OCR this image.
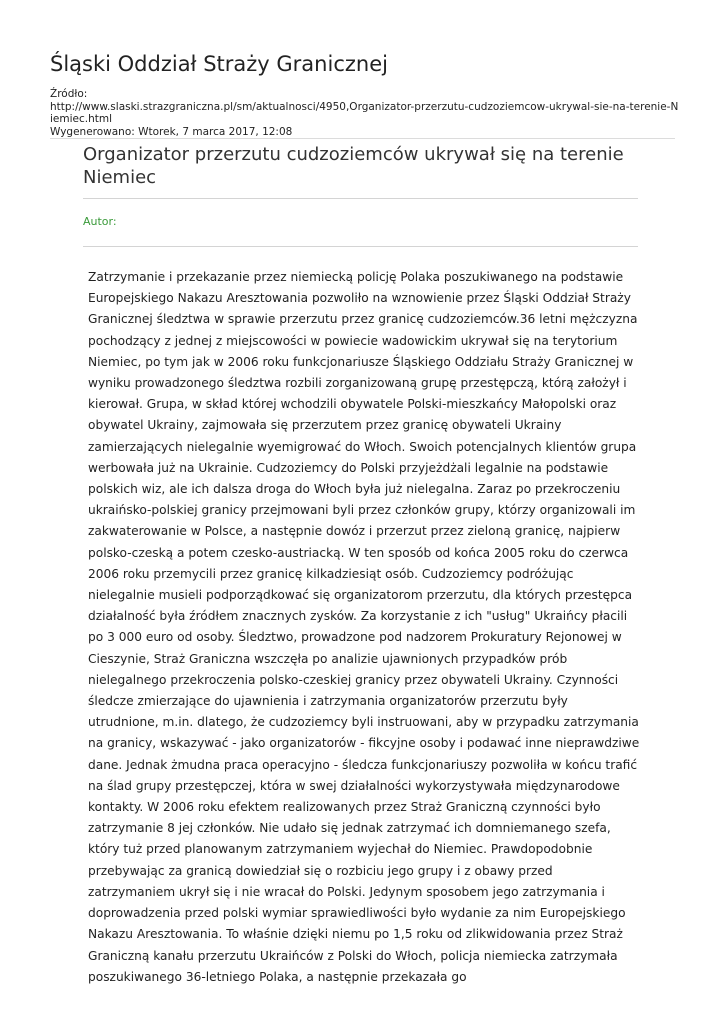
Śląski Oddział Straży Granicznej
Źródło:
http://www.slaski.strazgraniczna.pl/sm/aktualnosci/4950,Organizator-przerzutu-cudzoziemcow-ukrywal-sie-na-terenie-Niemiec.html
Wygenerowano: Wtorek, 7 marca 2017, 12:08
Organizator przerzutu cudzoziemców ukrywał się na terenie Niemiec
Autor:

Zatrzymanie i przekazanie przez niemiecką policję Polaka poszukiwanego na podstawie Europejskiego Nakazu Aresztowania pozwoliło na wznowienie przez Śląski Oddział Straży Granicznej śledztwa w sprawie przerzutu przez granicę cudzoziemców.36 letni mężczyzna pochodzący z jednej z miejscowości w powiecie wadowickim ukrywał się na terytorium Niemiec, po tym jak w 2006 roku funkcjonariusze Śląskiego Oddziału Straży Granicznej w wyniku prowadzonego śledztwa rozbili zorganizowaną grupę przestępczą, którą założył i kierował. Grupa, w skład której wchodzili obywatele Polski-mieszkańcy Małopolski oraz obywatel Ukrainy, zajmowała się przerzutem przez granicę obywateli Ukrainy zamierzających nielegalnie wyemigrować do Włoch. Swoich potencjalnych klientów grupa werbowała już na Ukrainie. Cudzoziemcy do Polski przyjeżdżali legalnie na podstawie polskich wiz, ale ich dalsza droga do Włoch była już nielegalna. Zaraz po przekroczeniu ukraińsko-polskiej granicy przejmowani byli przez członków grupy, którzy organizowali im zakwaterowanie w Polsce, a następnie dowóz i przerzut przez zieloną granicę, najpierw polsko-czeską a potem czesko-austriacką. W ten sposób od końca 2005 roku do czerwca 2006 roku przemycili przez granicę kilkadziesiąt osób. Cudzoziemcy podróżując nielegalnie musieli podporządkować się organizatorom przerzutu, dla których przestępca działalność była źródłem znacznych zysków. Za korzystanie z ich "usług" Ukraińcy płacili po 3 000 euro od osoby. Śledztwo, prowadzone pod nadzorem Prokuratury Rejonowej w Cieszynie, Straż Graniczna wszczęła po analizie ujawnionych przypadków prób nielegalnego przekroczenia polsko-czeskiej granicy przez obywateli Ukrainy. Czynności śledcze zmierzające do ujawnienia i zatrzymania organizatorów przerzutu były utrudnione, m.in. dlatego, że cudzoziemcy byli instruowani, aby w przypadku zatrzymania na granicy, wskazywać - jako organizatorów - fikcyjne osoby i podawać inne nieprawdziwe dane. Jednak żmudna praca operacyjno - śledcza funkcjonariuszy pozwoliła w końcu trafić na ślad grupy przestępczej, która w swej działalności wykorzystywała międzynarodowe kontakty. W 2006 roku efektem realizowanych przez Straż Graniczną czynności było zatrzymanie 8 jej członków. Nie udało się jednak zatrzymać ich domniemanego szefa, który tuż przed planowanym zatrzymaniem wyjechał do Niemiec. Prawdopodobnie przebywając za granicą dowiedział się o rozbiciu jego grupy i z obawy przed zatrzymaniem ukrył się i nie wracał do Polski. Jedynym sposobem jego zatrzymania i doprowadzenia przed polski wymiar sprawiedliwości było wydanie za nim Europejskiego Nakazu Aresztowania. To właśnie dzięki niemu po 1,5 roku od zlikwidowania przez Straż Graniczną kanału przerzutu Ukraińców z Polski do Włoch, policja niemiecka zatrzymała poszukiwanego 36-letniego Polaka, a następnie przekazała go
